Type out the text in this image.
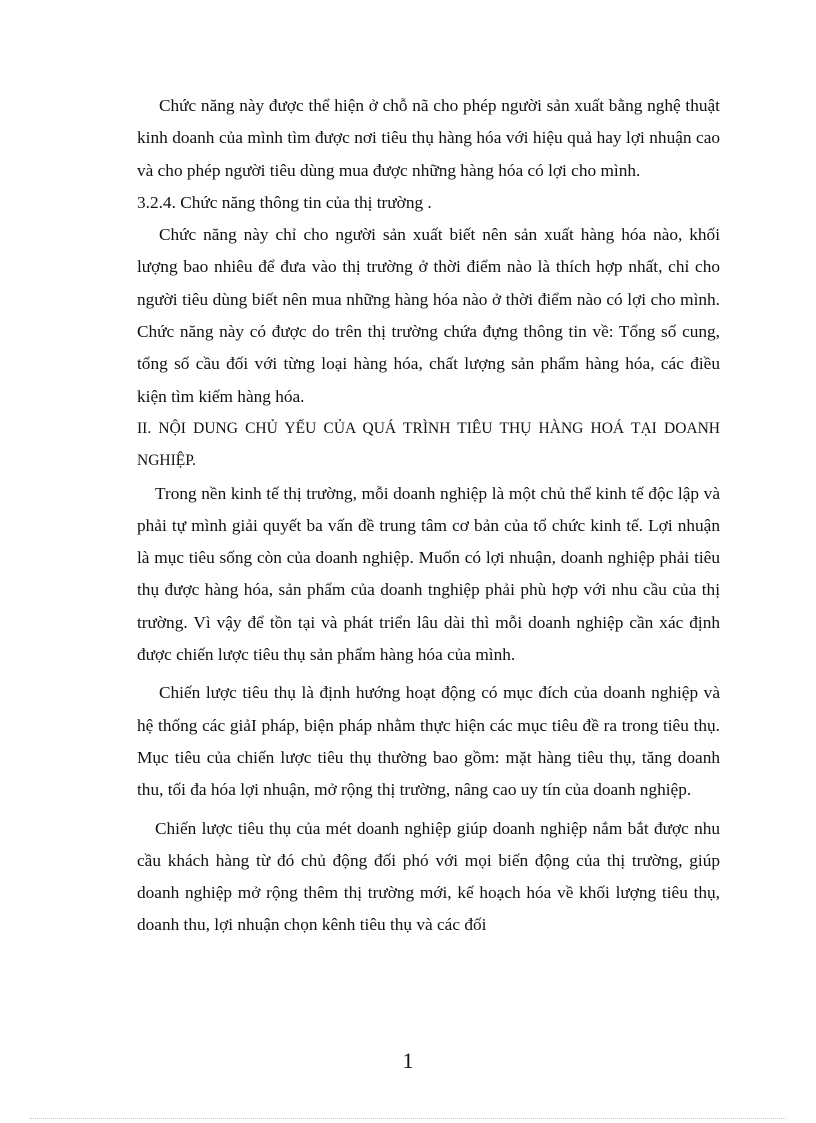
Chức năng này được thể hiện ở chỗ nã cho phép người sản xuất bằng nghệ thuật kinh doanh của mình tìm được nơi tiêu thụ hàng hóa với hiệu quả hay lợi nhuận cao và cho phép người tiêu dùng mua được những hàng hóa có lợi cho mình.

3.2.4. Chức năng thông tin của thị trường .

Chức năng này chỉ cho người sản xuất biết nên sản xuất hàng hóa nào, khối lượng bao nhiêu để đưa vào thị trường ở thời điểm nào là thích hợp nhất, chỉ cho người tiêu dùng biết nên mua những hàng hóa nào ở thời điểm nào có lợi cho mình. Chức năng này có được do trên thị trường chứa đựng thông tin về: Tổng số cung, tổng số cầu đối với từng loại hàng hóa, chất lượng sản phẩm hàng hóa, các điều kiện tìm kiếm hàng hóa.

II. NỘI DUNG CHỦ YẾU CỦA QUÁ TRÌNH TIÊU THỤ HÀNG HOÁ TẠI DOANH NGHIỆP.

Trong nền kinh tế thị trường, mỗi doanh nghiệp là một chủ thể kinh tế độc lập và phải tự mình giải quyết ba vấn đề trung tâm cơ bản của tổ chức kinh tế. Lợi nhuận là mục tiêu sống còn của doanh nghiệp. Muốn có lợi nhuận, doanh nghiệp phải tiêu thụ được hàng hóa, sản phẩm của doanh tnghiệp phải phù hợp với nhu cầu của thị trường. Vì vậy để tồn tại và phát triển lâu dài thì mỗi doanh nghiệp cần xác định được chiến lược tiêu thụ sản phẩm hàng hóa của mình.

Chiến lược tiêu thụ là định hướng hoạt động có mục đích của doanh nghiệp và hệ thống các giảI pháp, biện pháp nhằm thực hiện các mục tiêu đề ra trong tiêu thụ. Mục tiêu của chiến lược tiêu thụ thường bao gồm: mặt hàng tiêu thụ, tăng doanh thu, tối đa hóa lợi nhuận, mở rộng thị trường, nâng cao uy tín của doanh nghiệp.

Chiến lược tiêu thụ của mét doanh nghiệp giúp doanh nghiệp nắm bắt được nhu cầu khách hàng từ đó chủ động đối phó với mọi biến động của thị trường, giúp doanh nghiệp mở rộng thêm thị trường mới, kế hoạch hóa về khối lượng tiêu thụ, doanh thu, lợi nhuận chọn kênh tiêu thụ và các đối

1
